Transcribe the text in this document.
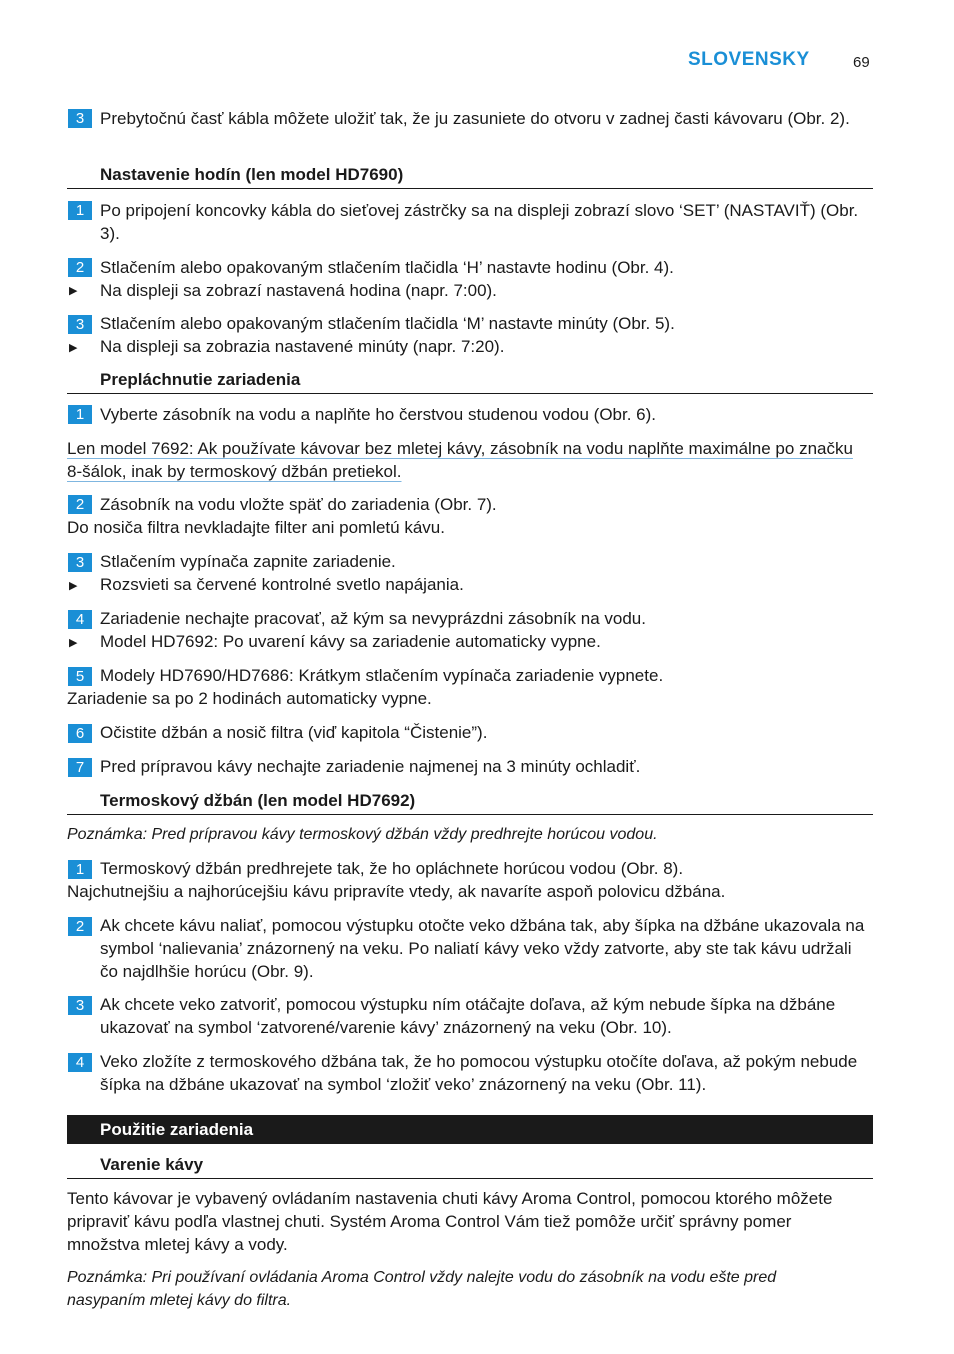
SLOVENSKY	69
3 Prebytočnú časť kábla môžete uložiť tak, že ju zasuniete do otvoru v zadnej časti kávovaru (Obr. 2).
Nastavenie hodín (len model HD7690)
1 Po pripojení koncovky kábla do sieťovej zástrčky sa na displeji zobrazí slovo ‘SET’ (NASTAVIŤ) (Obr. 3).
2 Stlačením alebo opakovaným stlačením tlačidla ‘H’ nastavte hodinu (Obr. 4).
▶ Na displeji sa zobrazí nastavená hodina (napr. 7:00).
3 Stlačením alebo opakovaným stlačením tlačidla ‘M’ nastavte minúty (Obr. 5).
▶ Na displeji sa zobrazia nastavené minúty (napr. 7:20).
Prepláchnutie zariadenia
1 Vyberte zásobník na vodu a naplňte ho čerstvou studenou vodou (Obr. 6).
Len model 7692: Ak používate kávovar bez mletej kávy, zásobník na vodu naplňte maximálne po značku 8-šálok, inak by termoskový džbán pretiekol.
2 Zásobník na vodu vložte späť do zariadenia (Obr. 7).
Do nosiča filtra nevkladajte filter ani pomletú kávu.
3 Stlačením vypínača zapnite zariadenie.
▶ Rozsvieti sa červené kontrolné svetlo napájania.
4 Zariadenie nechajte pracovať, až kým sa nevyprázdni zásobník na vodu.
▶ Model HD7692: Po uvarení kávy sa zariadenie automaticky vypne.
5 Modely HD7690/HD7686: Krátkym stlačením vypínača zariadenie vypnete.
Zariadenie sa po 2 hodinách automaticky vypne.
6 Očistite džbán a nosič filtra (viď kapitola “Čistenie”).
7 Pred prípravou kávy nechajte zariadenie najmenej na 3 minúty ochladiť.
Termoskový džbán (len model HD7692)
Poznámka: Pred prípravou kávy termoskový džbán vždy predhrejte horúcou vodou.
1 Termoskový džbán predhrejete tak, že ho opláchnete horúcou vodou (Obr. 8).
Najchutnejšiu a najhorúcejšiu kávu pripravíte vtedy, ak navaríte aspoň polovicu džbána.
2 Ak chcete kávu naliať, pomocou výstupku otočte veko džbána tak, aby šípka na džbáne ukazovala na symbol ‘nalievania’ znázornený na veku. Po naliatí kávy veko vždy zatvorte, aby ste tak kávu udržali čo najdlhšie horúcu (Obr. 9).
3 Ak chcete veko zatvoriť, pomocou výstupku ním otáčajte doľava, až kým nebude šípka na džbáne ukazovať na symbol ‘zatvorené/varenie kávy’ znázornený na veku (Obr. 10).
4 Veko zložíte z termoskového džbána tak, že ho pomocou výstupku otočíte doľava, až pokým nebude šípka na džbáne ukazovať na symbol ‘zložiť veko’ znázornený na veku (Obr. 11).
Použitie zariadenia
Varenie kávy
Tento kávovar je vybavený ovládaním nastavenia chuti kávy Aroma Control, pomocou ktorého môžete pripraviť kávu podľa vlastnej chuti. Systém Aroma Control Vám tiež pomôže určiť správny pomer množstva mletej kávy a vody.
Poznámka: Pri používaní ovládania Aroma Control vždy nalejte vodu do zásobník na vodu ešte pred nasypaním mletej kávy do filtra.
